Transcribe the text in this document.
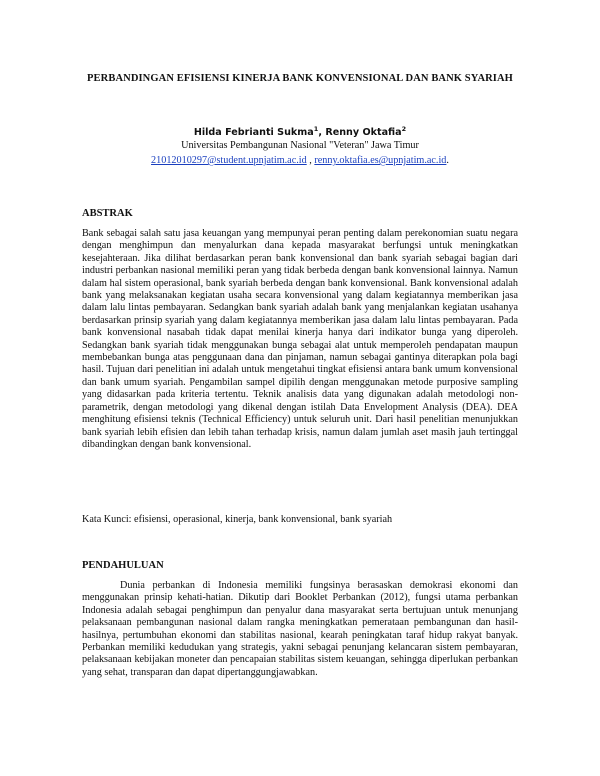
PERBANDINGAN EFISIENSI KINERJA BANK KONVENSIONAL DAN BANK SYARIAH
Hilda Febrianti Sukma$^1$, Renny Oktafia$^2$
Universitas Pembangunan Nasional "Veteran" Jawa Timur
21012010297@student.upnjatim.ac.id , renny.oktafia.es@upnjatim.ac.id.
ABSTRAK
Bank sebagai salah satu jasa keuangan yang mempunyai peran penting dalam perekonomian suatu negara dengan menghimpun dan menyalurkan dana kepada masyarakat berfungsi untuk meningkatkan kesejahteraan. Jika dilihat berdasarkan peran bank konvensional dan bank syariah sebagai bagian dari industri perbankan nasional memiliki peran yang tidak berbeda dengan bank konvensional lainnya. Namun dalam hal sistem operasional, bank syariah berbeda dengan bank konvensional. Bank konvensional adalah bank yang melaksanakan kegiatan usaha secara konvensional yang dalam kegiatannya memberikan jasa dalam lalu lintas pembayaran. Sedangkan bank syariah adalah bank yang menjalankan kegiatan usahanya berdasarkan prinsip syariah yang dalam kegiatannya memberikan jasa dalam lalu lintas pembayaran. Pada bank konvensional nasabah tidak dapat menilai kinerja hanya dari indikator bunga yang diperoleh. Sedangkan bank syariah tidak menggunakan bunga sebagai alat untuk memperoleh pendapatan maupun membebankan bunga atas penggunaan dana dan pinjaman, namun sebagai gantinya diterapkan pola bagi hasil. Tujuan dari penelitian ini adalah untuk mengetahui tingkat efisiensi antara bank umum konvensional dan bank umum syariah. Pengambilan sampel dipilih dengan menggunakan metode purposive sampling yang didasarkan pada kriteria tertentu. Teknik analisis data yang digunakan adalah metodologi non-parametrik, dengan metodologi yang dikenal dengan istilah Data Envelopment Analysis (DEA). DEA menghitung efisiensi teknis (Technical Efficiency) untuk seluruh unit. Dari hasil penelitian menunjukkan bank syariah lebih efisien dan lebih tahan terhadap krisis, namun dalam jumlah aset masih jauh tertinggal dibandingkan dengan bank konvensional.
Kata Kunci: efisiensi, operasional, kinerja, bank konvensional, bank syariah
PENDAHULUAN
Dunia perbankan di Indonesia memiliki fungsinya berasaskan demokrasi ekonomi dan menggunakan prinsip kehati-hatian. Dikutip dari Booklet Perbankan (2012), fungsi utama perbankan Indonesia adalah sebagai penghimpun dan penyalur dana masyarakat serta bertujuan untuk menunjang pelaksanaan pembangunan nasional dalam rangka meningkatkan pemerataan pembangunan dan hasil-hasilnya, pertumbuhan ekonomi dan stabilitas nasional, kearah peningkatan taraf hidup rakyat banyak. Perbankan memiliki kedudukan yang strategis, yakni sebagai penunjang kelancaran sistem pembayaran, pelaksanaan kebijakan moneter dan pencapaian stabilitas sistem keuangan, sehingga diperlukan perbankan yang sehat, transparan dan dapat dipertanggungjawabkan.
